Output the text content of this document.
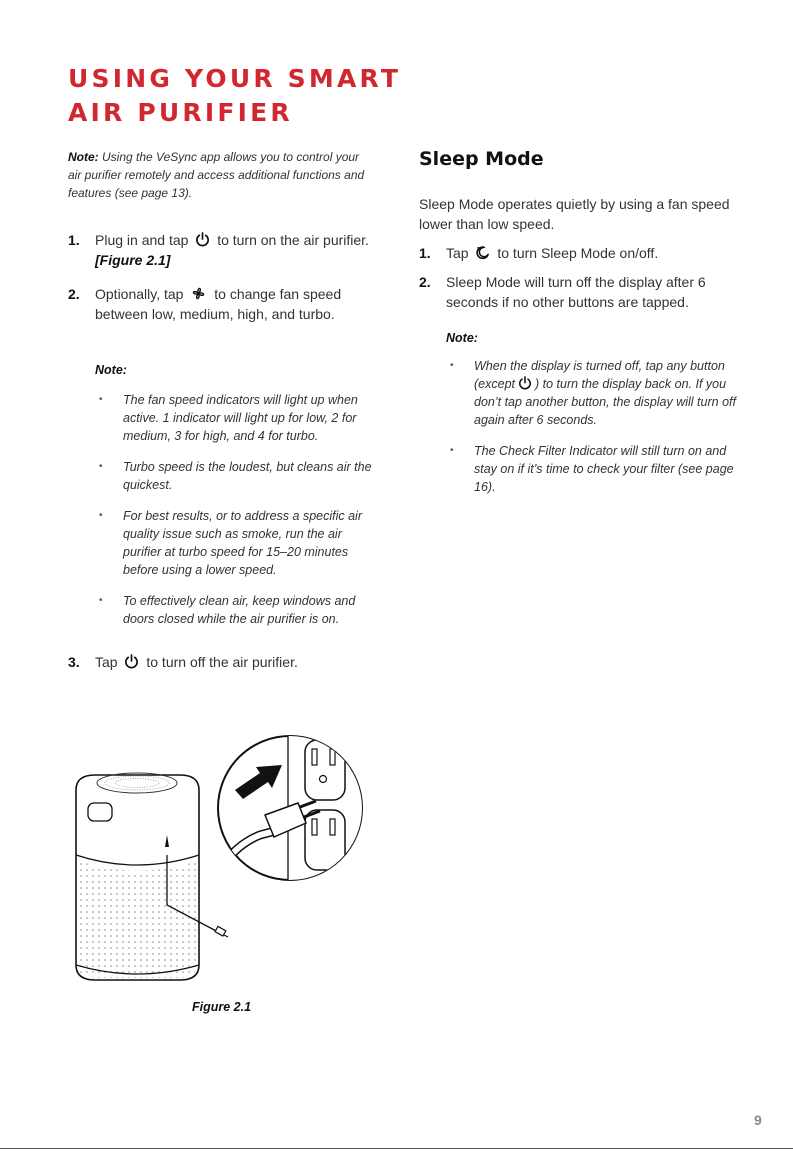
USING YOUR SMART
AIR PURIFIER

Note: Using the VeSync app allows you to control your air purifier remotely and access additional functions and features (see page 13).

1. Plug in and tap to turn on the air purifier. [Figure 2.1]
2. Optionally, tap to change fan speed between low, medium, high, and turbo.

Note:

• The fan speed indicators will light up when active. 1 indicator will light up for low, 2 for medium, 3 for high, and 4 for turbo.
• Turbo speed is the loudest, but cleans air the quickest.
• For best results, or to address a specific air quality issue such as smoke, run the air purifier at turbo speed for 15–20 minutes before using a lower speed.
• To effectively clean air, keep windows and doors closed while the air purifier is on.
3. Tap to turn off the air purifier.

Figure 2.1

Sleep Mode

Sleep Mode operates quietly by using a fan speed lower than low speed.

1. Tap z to turn Sleep Mode on/off.
2. Sleep Mode will turn off the display after 6 seconds if no other buttons are tapped.

Note:

• When the display is turned off, tap any button (except ) to turn the display back on. If you don’t tap another button, the display will turn off again after 6 seconds.
• The Check Filter Indicator will still turn on and stay on if it’s time to check your filter (see page 16).
9
